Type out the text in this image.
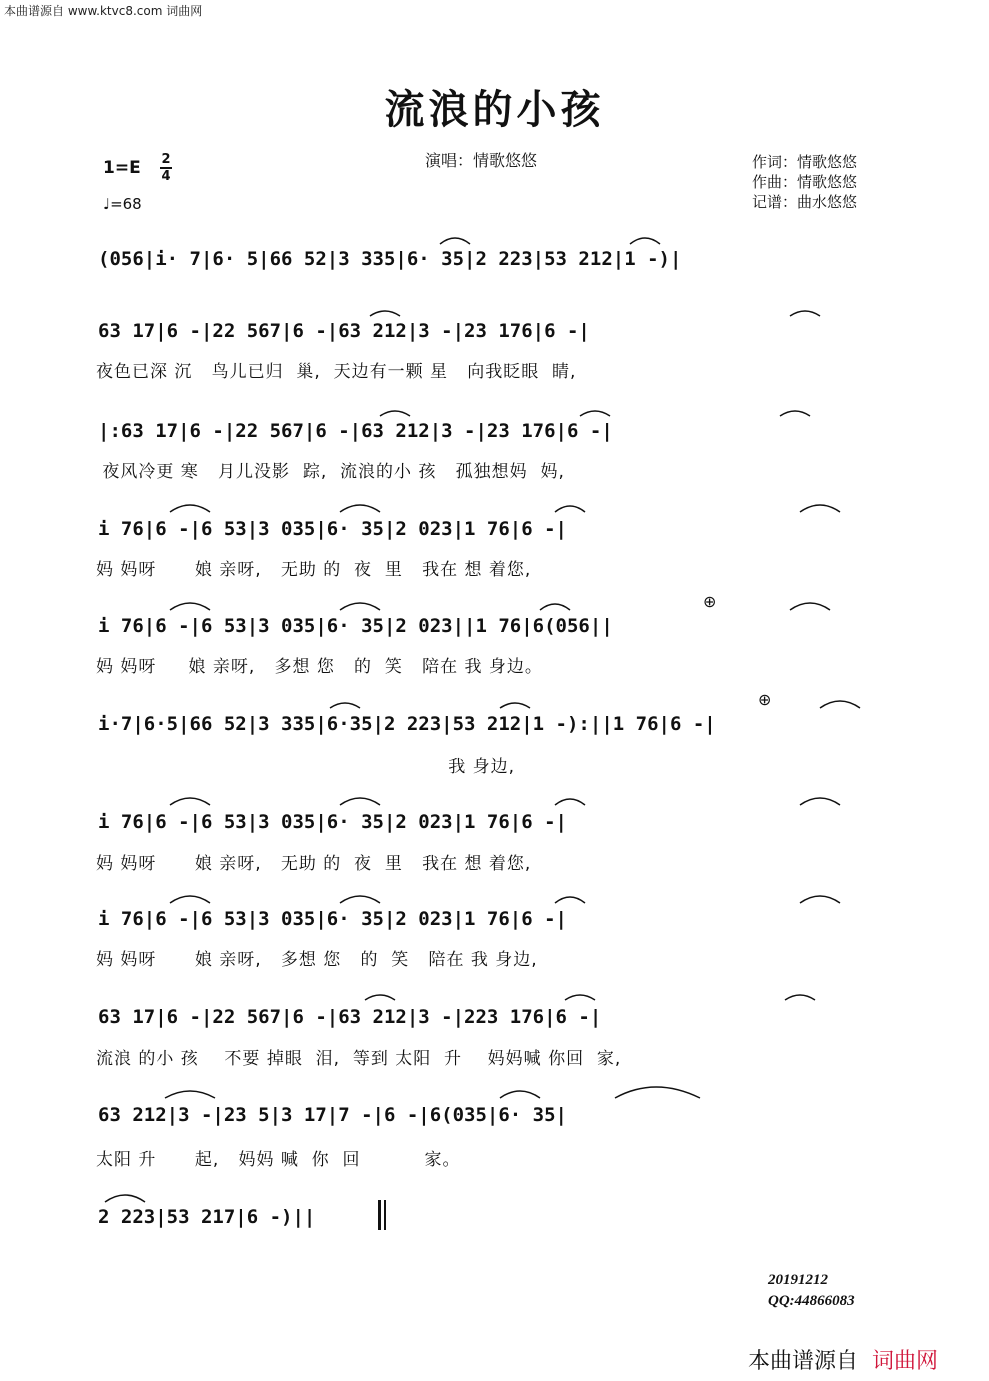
本曲谱源自 www.ktvc8.com 词曲网
流浪的小孩
演唱：情歌悠悠	作词：情歌悠悠
作曲：情歌悠悠
记谱：曲水悠悠
1=E 2
4
♩=68
(056|i· 7|6· 5|66 52|3 335|6· 35|2 223|53 212|1 -)|
63 17|6 -|22 567|6 -|63 212|3 -|23 176|6 -|
夜色已深 沉   鸟儿已归  巢,  天边有一颗 星   向我眨眼  睛,
|:63 17|6 -|22 567|6 -|63 212|3 -|23 176|6 -|
夜风冷更 寒   月儿没影  踪,  流浪的小 孩   孤独想妈  妈,
i 76|6 -|6 53|3 035|6· 35|2 023|1 76|6 -|
妈 妈呀      娘 亲呀,   无助 的  夜  里   我在 想 着您,
i 76|6 -|6 53|3 035|6· 35|2 023||1 76|6(056||
妈 妈呀     娘 亲呀,   多想 您   的  笑   陪在 我 身边。
i·7|6·5|66 52|3 335|6·35|2 223|53 212|1 -):||1 76|6 -|
我 身边,
i 76|6 -|6 53|3 035|6· 35|2 023|1 76|6 -|
妈 妈呀      娘 亲呀,   无助 的  夜  里   我在 想 着您,
i 76|6 -|6 53|3 035|6· 35|2 023|1 76|6 -|
妈 妈呀      娘 亲呀,   多想 您   的  笑   陪在 我 身边,
63 17|6 -|22 567|6 -|63 212|3 -|223 176|6 -|
流浪 的小 孩    不要 掉眼  泪,  等到 太阳  升    妈妈喊 你回  家,
63 212|3 -|23 5|3 17|7 -|6 -|6(035|6· 35|
太阳 升      起,   妈妈 喊  你  回          家。
2 223|53 217|6 -)||
⊕
⊕
20191212
QQ:44866083
本曲谱源自 词曲网
